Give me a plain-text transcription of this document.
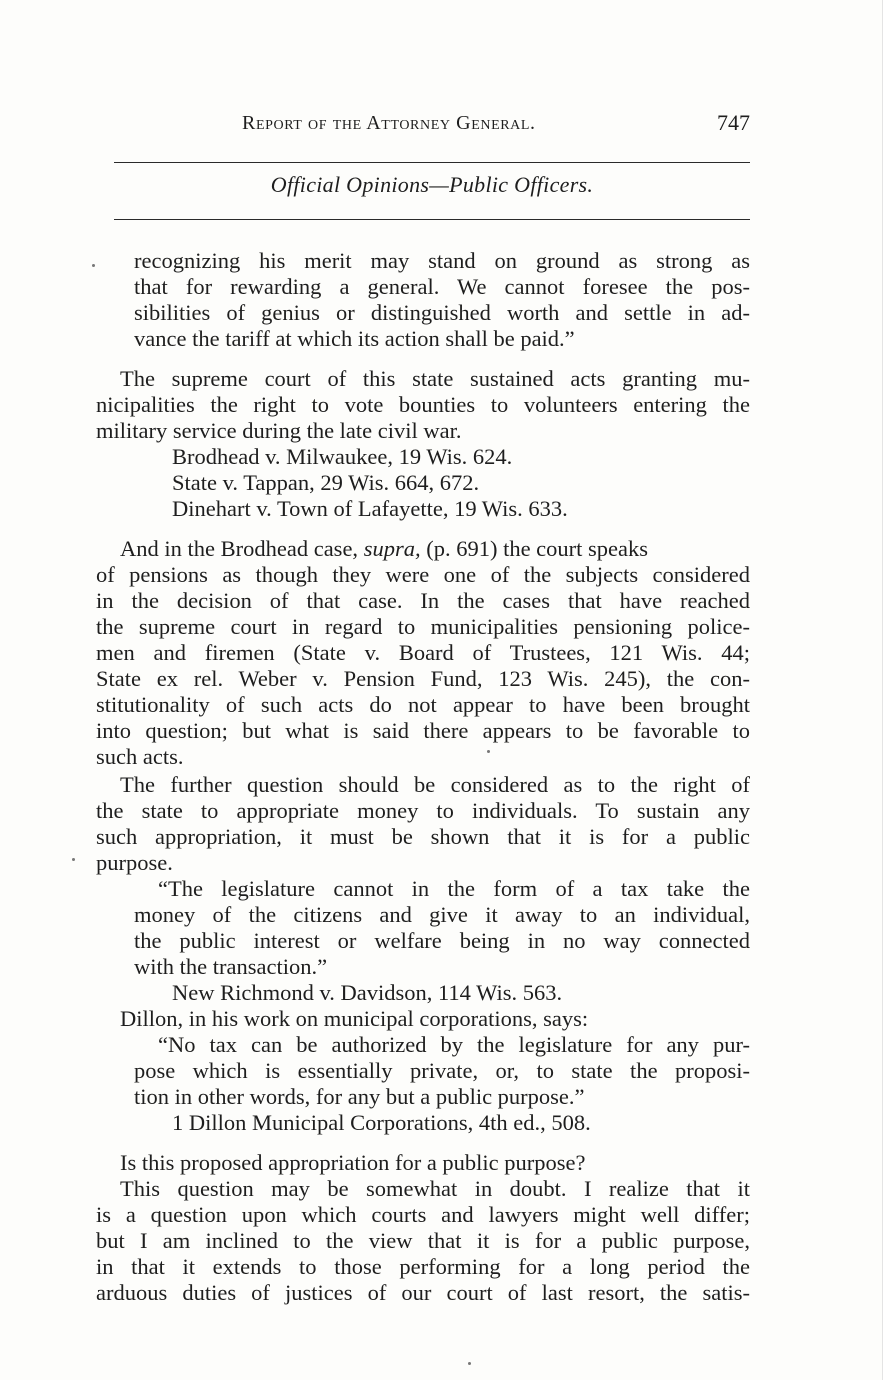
Report of the Attorney General.	747
Official Opinions—Public Officers.
recognizing his merit may stand on ground as strong as
that for rewarding a general. We cannot foresee the pos-
sibilities of genius or distinguished worth and settle in ad-
vance the tariff at which its action shall be paid.”
The supreme court of this state sustained acts granting mu-
nicipalities the right to vote bounties to volunteers entering the
military service during the late civil war.
Brodhead v. Milwaukee, 19 Wis. 624.
State v. Tappan, 29 Wis. 664, 672.
Dinehart v. Town of Lafayette, 19 Wis. 633.
And in the Brodhead case, supra, (p. 691) the court speaks
of pensions as though they were one of the subjects considered
in the decision of that case. In the cases that have reached
the supreme court in regard to municipalities pensioning police-
men and firemen (State v. Board of Trustees, 121 Wis. 44;
State ex rel. Weber v. Pension Fund, 123 Wis. 245), the con-
stitutionality of such acts do not appear to have been brought
into question; but what is said there appears to be favorable to
such acts.
The further question should be considered as to the right of
the state to appropriate money to individuals. To sustain any
such appropriation, it must be shown that it is for a public
purpose.
“The legislature cannot in the form of a tax take the
money of the citizens and give it away to an individual,
the public interest or welfare being in no way connected
with the transaction.”
New Richmond v. Davidson, 114 Wis. 563.
Dillon, in his work on municipal corporations, says:
“No tax can be authorized by the legislature for any pur-
pose which is essentially private, or, to state the proposi-
tion in other words, for any but a public purpose.”
1 Dillon Municipal Corporations, 4th ed., 508.
Is this proposed appropriation for a public purpose?
This question may be somewhat in doubt. I realize that it
is a question upon which courts and lawyers might well differ;
but I am inclined to the view that it is for a public purpose,
in that it extends to those performing for a long period the
arduous duties of justices of our court of last resort, the satis-
